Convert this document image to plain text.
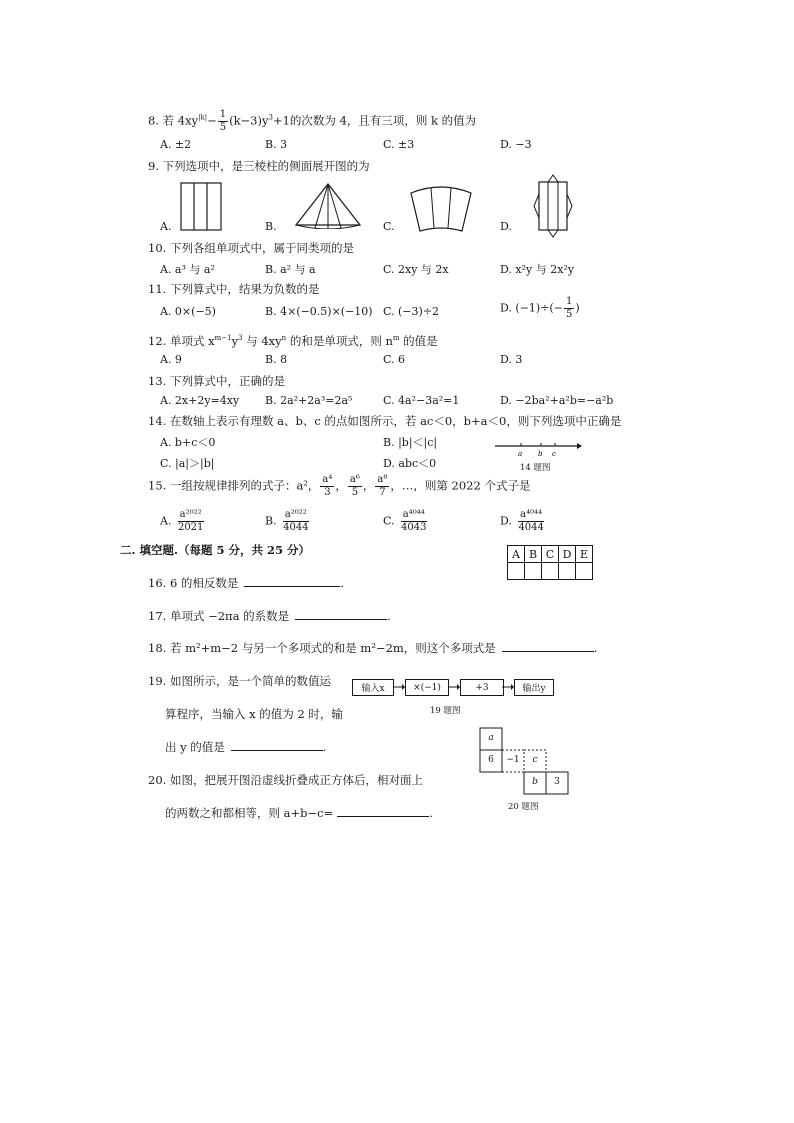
8. 若 $4xy^{|k|}- \frac{1}{5} (k-3)y^3+1$的次数为 4，且有三项，则 k 的值为
A. ±2	B. 3	C. ±3	D. −3
9. 下列选项中，是三棱柱的侧面展开图的为
A.	B.	C.	D.
10. 下列各组单项式中，属于同类项的是
A. a³ 与 a²	B. a² 与 a	C. 2xy 与 2x	D. x²y 与 2x²y
11. 下列算式中，结果为负数的是
A. 0×(−5)	B. 4×(−0.5)×(−10) C. (−3)÷2	D. $(-1)\div(- \frac{1}{5}$ )
12. 单项式 $x^{m-1}y^3$ 与 $4xy^n$ 的和是单项式，则 $n^m$ 的值是
A. 9	B. 8	C. 6	D. 3
13. 下列算式中，正确的是
A. 2x+2y=4xy B. 2a²+2a³=2a⁵	C. 4a²−3a²=1	D. −2ba²+a²b=−a²b
14. 在数轴上表示有理数 a、b、c 的点如图所示，若 ac＜0，b+a＜0，则下列选项中正确是
A. b+c＜0	B. |b|＜|c|
C. |a|＞|b|	D. abc＜0
a b c
14 题图
15. 一组按规律排列的式子：a²， $\frac{\text{a⁴}}{3}$ ， $\frac{\text{a⁶}}{5}$ ， $\frac{\text{a⁸}}{7}$ ，…，则第 2022 个式子是
A. $\frac{\text{a²⁰²²}}{2021}$	B. $\frac{\text{a²⁰²²}}{4044}$	C. $\frac{\text{a⁴⁰⁴⁴}}{4043}$	D. $\frac{\text{a⁴⁰⁴⁴}}{4044}$
二. 填空题.（每题 5 分，共 25 分）	A	B	C	D	E

16. 6 的相反数是	.
17. 单项式 −2πa 的系数是	.
18. 若 m²+m−2 与另一个多项式的和是 m²−2m，则这个多项式是	.
19. 如图所示，是一个简单的数值运
算程序，当输入 x 的值为 2 时，输
出 y 的值是	.
输入x	×(−1)	+3	输出y
19 题图
20. 如图，把展开图沿虚线折叠成正方体后，相对面上
的两数之和都相等，则 a+b−c=	.
a
6	−1	c
b	3
20 题图
